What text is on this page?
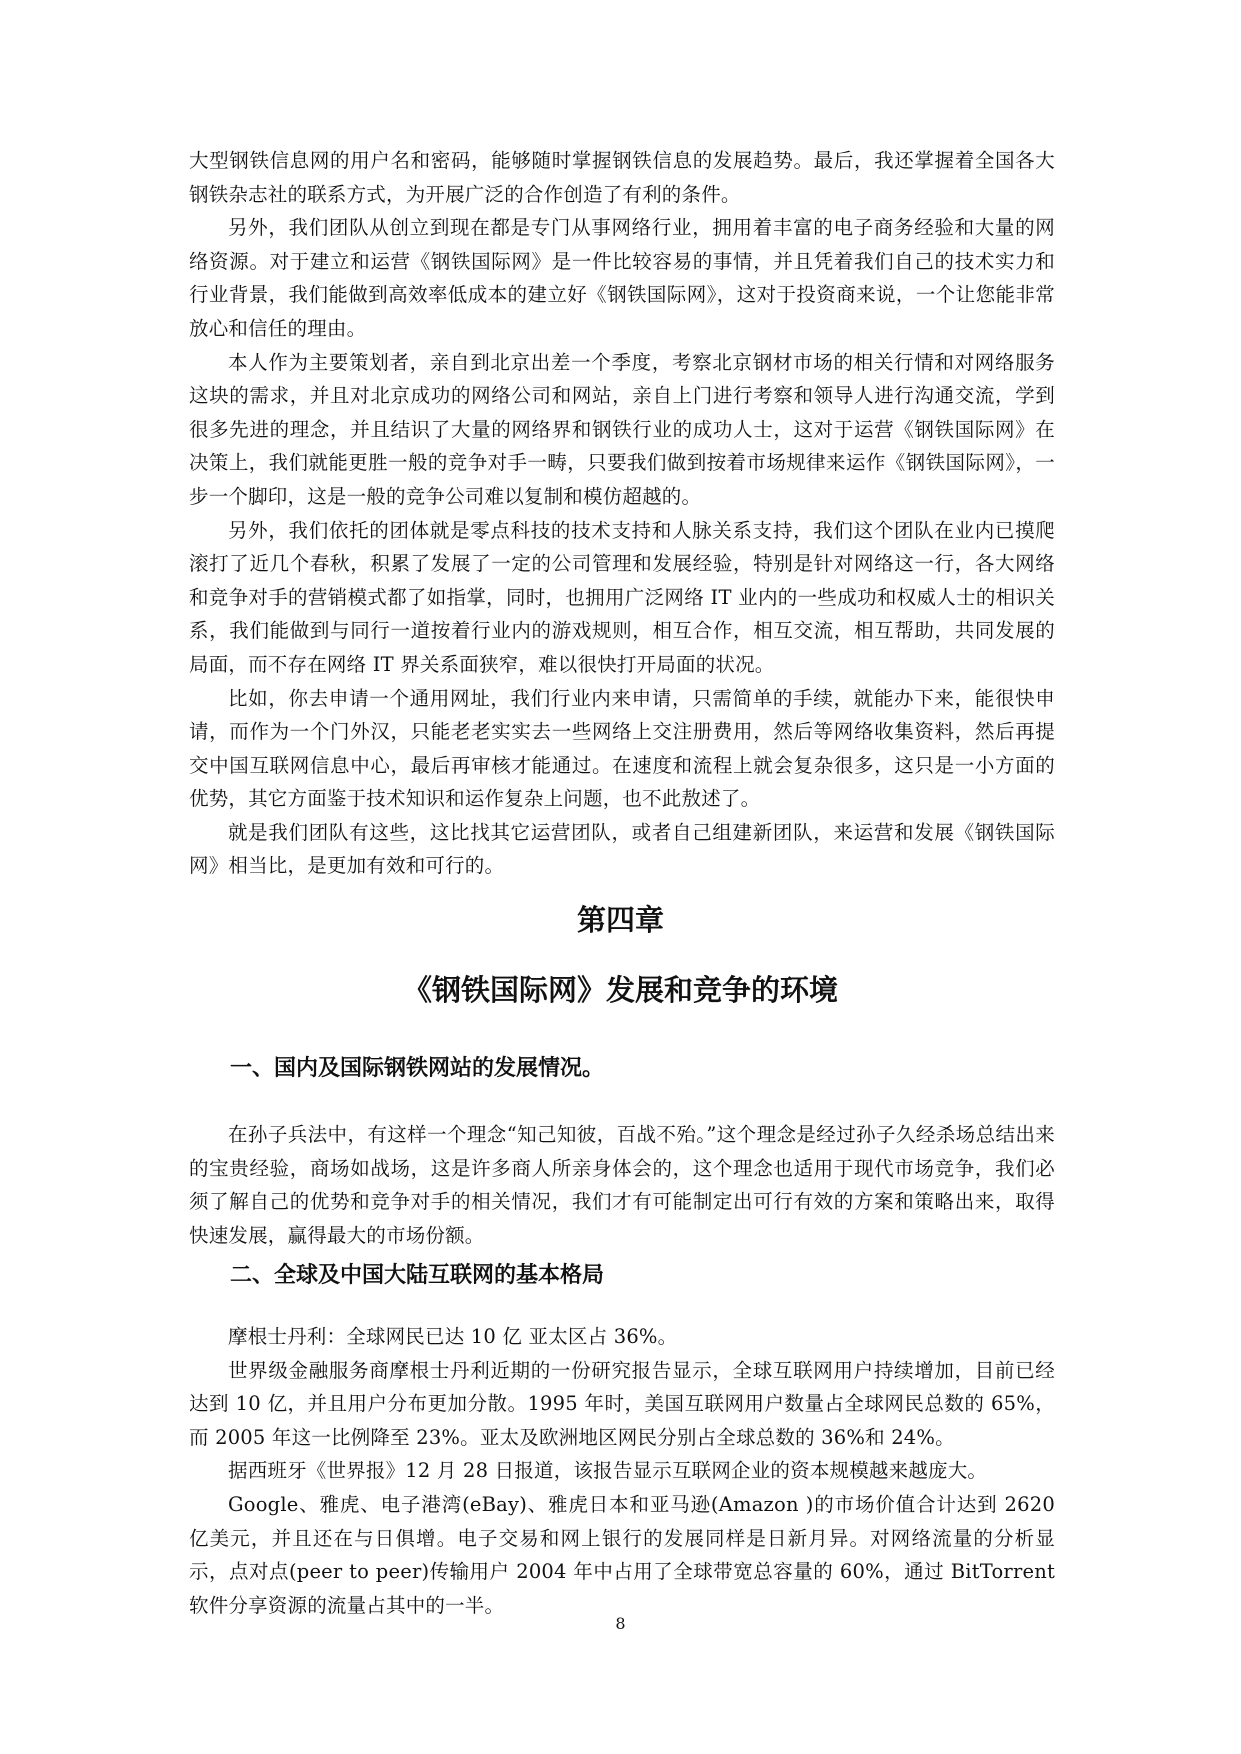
大型钢铁信息网的用户名和密码，能够随时掌握钢铁信息的发展趋势。最后，我还掌握着全国各大钢铁杂志社的联系方式，为开展广泛的合作创造了有利的条件。

另外，我们团队从创立到现在都是专门从事网络行业，拥用着丰富的电子商务经验和大量的网络资源。对于建立和运营《钢铁国际网》是一件比较容易的事情，并且凭着我们自己的技术实力和行业背景，我们能做到高效率低成本的建立好《钢铁国际网》，这对于投资商来说，一个让您能非常放心和信任的理由。

本人作为主要策划者，亲自到北京出差一个季度，考察北京钢材市场的相关行情和对网络服务这块的需求，并且对北京成功的网络公司和网站，亲自上门进行考察和领导人进行沟通交流，学到很多先进的理念，并且结识了大量的网络界和钢铁行业的成功人士，这对于运营《钢铁国际网》在决策上，我们就能更胜一般的竞争对手一畴，只要我们做到按着市场规律来运作《钢铁国际网》，一步一个脚印，这是一般的竞争公司难以复制和模仿超越的。

另外，我们依托的团体就是零点科技的技术支持和人脉关系支持，我们这个团队在业内已摸爬滚打了近几个春秋，积累了发展了一定的公司管理和发展经验，特别是针对网络这一行，各大网络和竞争对手的营销模式都了如指掌，同时，也拥用广泛网络 IT 业内的一些成功和权威人士的相识关系，我们能做到与同行一道按着行业内的游戏规则，相互合作，相互交流，相互帮助，共同发展的局面，而不存在网络 IT 界关系面狭窄，难以很快打开局面的状况。

比如，你去申请一个通用网址，我们行业内来申请，只需简单的手续，就能办下来，能很快申请，而作为一个门外汉，只能老老实实去一些网络上交注册费用，然后等网络收集资料，然后再提交中国互联网信息中心，最后再审核才能通过。在速度和流程上就会复杂很多，这只是一小方面的优势，其它方面鉴于技术知识和运作复杂上问题，也不此敖述了。

就是我们团队有这些，这比找其它运营团队，或者自己组建新团队，来运营和发展《钢铁国际网》相当比，是更加有效和可行的。

第四章
《钢铁国际网》发展和竞争的环境
一、国内及国际钢铁网站的发展情况。

在孙子兵法中，有这样一个理念“知己知彼，百战不殆。”这个理念是经过孙子久经杀场总结出来的宝贵经验，商场如战场，这是许多商人所亲身体会的，这个理念也适用于现代市场竞争，我们必须了解自己的优势和竞争对手的相关情况，我们才有可能制定出可行有效的方案和策略出来，取得快速发展，赢得最大的市场份额。

二、全球及中国大陆互联网的基本格局

摩根士丹利：全球网民已达 10 亿 亚太区占 36%。

世界级金融服务商摩根士丹利近期的一份研究报告显示，全球互联网用户持续增加，目前已经达到 10 亿，并且用户分布更加分散。1995 年时，美国互联网用户数量占全球网民总数的 65%，而 2005 年这一比例降至 23%。亚太及欧洲地区网民分别占全球总数的 36%和 24%。

据西班牙《世界报》12 月 28 日报道，该报告显示互联网企业的资本规模越来越庞大。

Google、雅虎、电子港湾(eBay)、雅虎日本和亚马逊(Amazon )的市场价值合计达到 2620 亿美元，并且还在与日俱增。电子交易和网上银行的发展同样是日新月异。对网络流量的分析显示，点对点(peer to peer)传输用户 2004 年中占用了全球带宽总容量的 60%，通过 BitTorrent 软件分享资源的流量占其中的一半。

8
